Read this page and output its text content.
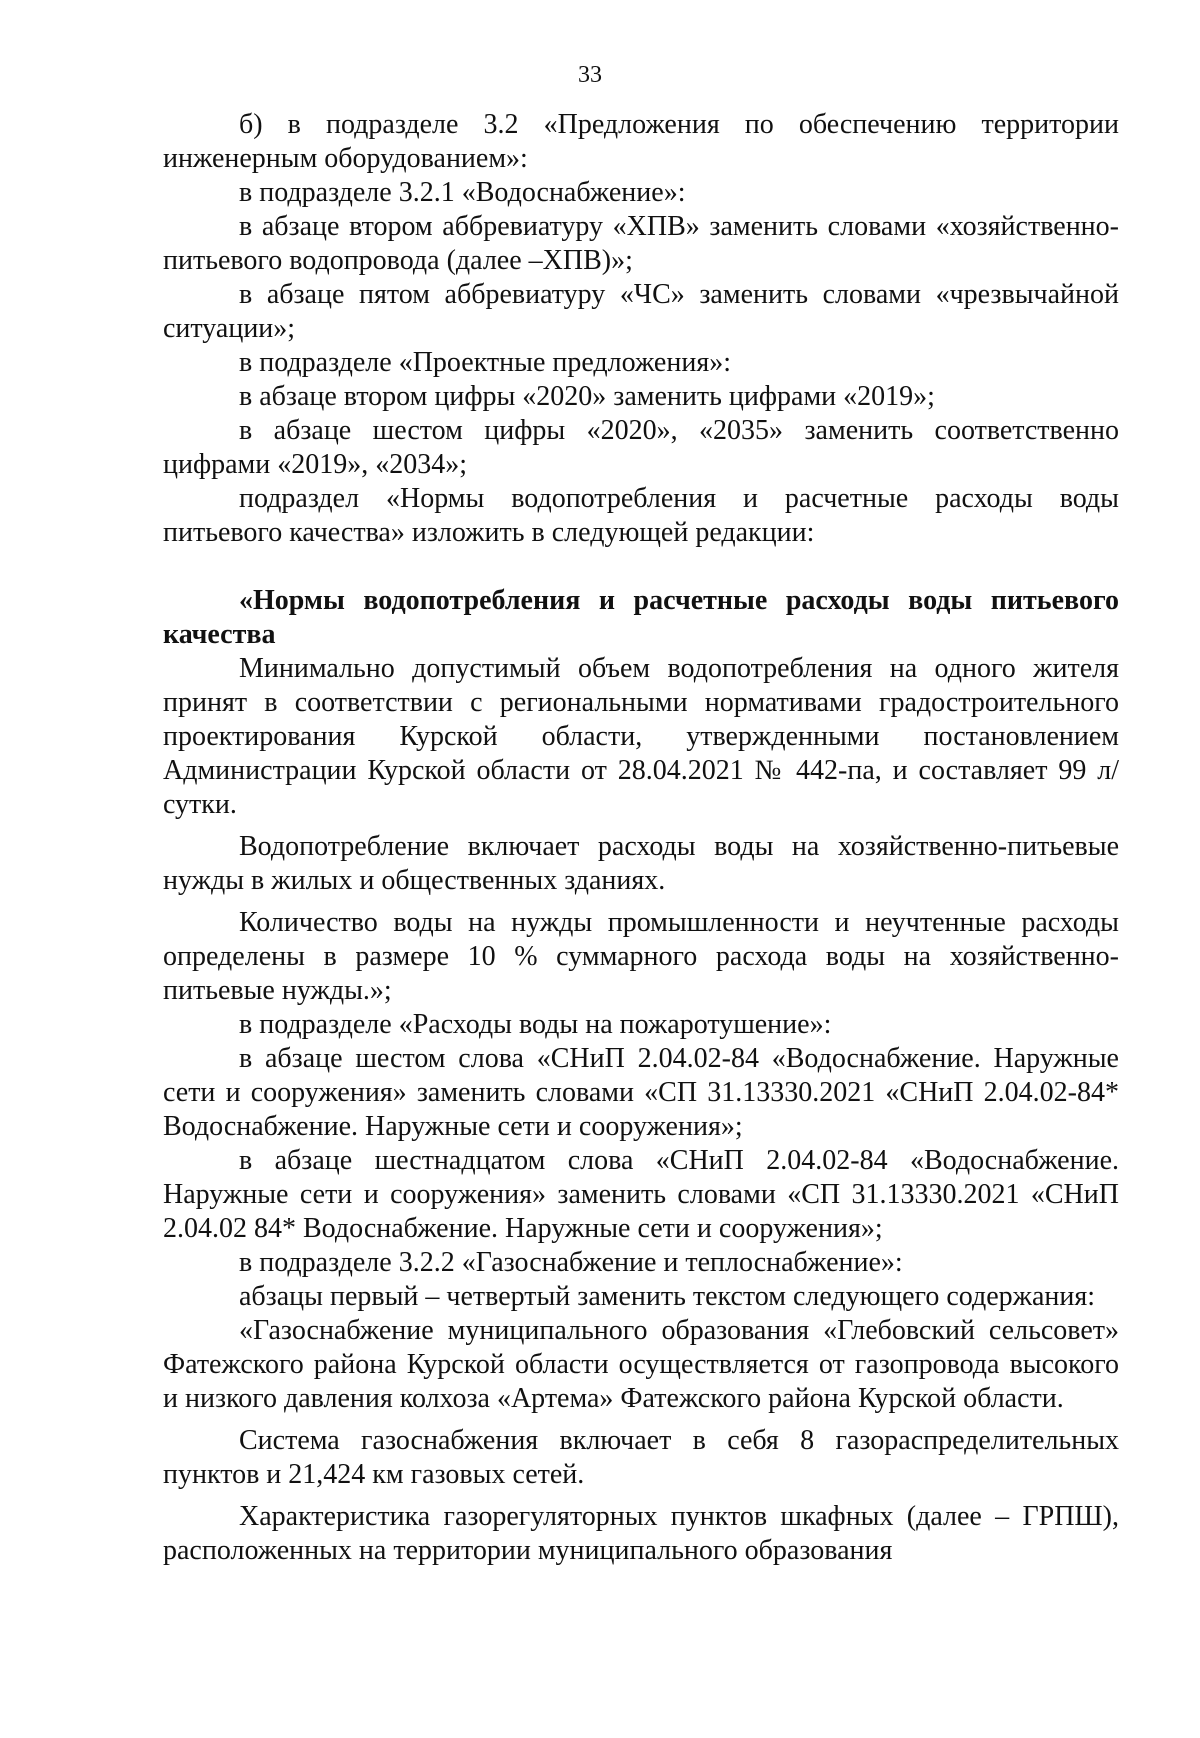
33

б) в подразделе 3.2 «Предложения по обеспечению территории инженерным оборудованием»:

в подразделе 3.2.1 «Водоснабжение»:

в абзаце втором аббревиатуру «ХПВ» заменить словами «хозяйственно-питьевого водопровода (далее –ХПВ)»;

в абзаце пятом аббревиатуру «ЧС» заменить словами «чрезвычайной ситуации»;

в подразделе «Проектные предложения»:

в абзаце втором цифры «2020» заменить цифрами «2019»;

в абзаце шестом цифры «2020», «2035» заменить соответственно цифрами «2019», «2034»;

подраздел «Нормы водопотребления и расчетные расходы воды питьевого качества» изложить в следующей редакции:

«Нормы водопотребления и расчетные расходы воды питьевого качества

Минимально допустимый объем водопотребления на одного жителя принят в соответствии с региональными нормативами градостроительного проектирования Курской области, утвержденными постановлением Администрации Курской области от 28.04.2021 № 442-па, и составляет 99 л/сутки.

Водопотребление включает расходы воды на хозяйственно-питьевые нужды в жилых и общественных зданиях.

Количество воды на нужды промышленности и неучтенные расходы определены в размере 10 % суммарного расхода воды на хозяйственно-питьевые нужды.»;

в подразделе «Расходы воды на пожаротушение»:

в абзаце шестом слова «СНиП 2.04.02-84 «Водоснабжение. Наружные сети и сооружения» заменить словами «СП 31.13330.2021 «СНиП 2.04.02-84* Водоснабжение. Наружные сети и сооружения»;

в абзаце шестнадцатом слова «СНиП 2.04.02-84 «Водоснабжение. Наружные сети и сооружения» заменить словами «СП 31.13330.2021 «СНиП 2.04.02 84* Водоснабжение. Наружные сети и сооружения»;

в подразделе 3.2.2 «Газоснабжение и теплоснабжение»:

абзацы первый – четвертый заменить текстом следующего содержания:

«Газоснабжение муниципального образования «Глебовский сельсовет» Фатежского района Курской области осуществляется от газопровода высокого и низкого давления колхоза «Артема» Фатежского района Курской области.

Система газоснабжения включает в себя 8 газораспределительных пунктов и 21,424 км газовых сетей.

Характеристика газорегуляторных пунктов шкафных (далее – ГРПШ), расположенных на территории муниципального образования
